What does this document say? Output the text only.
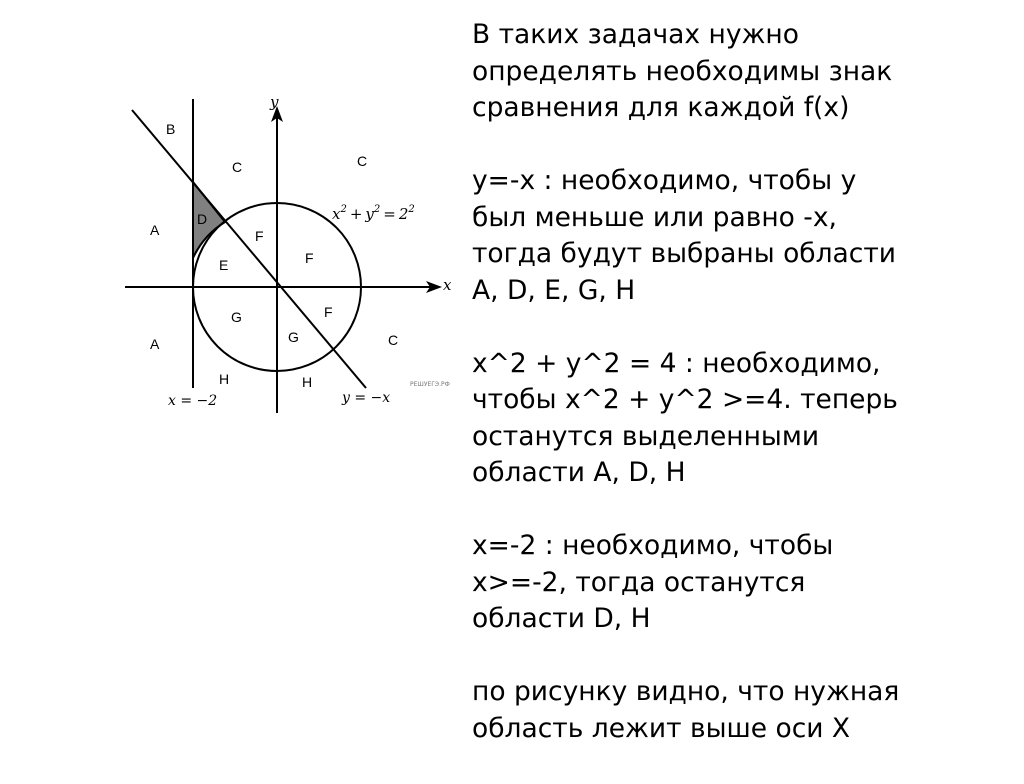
y
x
$x^2 + y^2 = 2^2$
y = −x
x = −2
B
C	C
A
D
F
F
E
G	F
G	C
A
H	H	РЕШУЕГЭ.РФ
В таких задачах нужно
определять необходимы знак
сравнения для каждой f(x)
y=-x : необходимо, чтобы y
был меньше или равно -x,
тогда будут выбраны области
A, D, E, G, H
x^2 + y^2 = 4 : необходимо,
чтобы x^2 + y^2 >=4. теперь
останутся выделенными
области A, D, H
x=-2 : необходимо, чтобы
x>=-2, тогда останутся
области D, H
по рисунку видно, что нужная
область лежит выше оси X
